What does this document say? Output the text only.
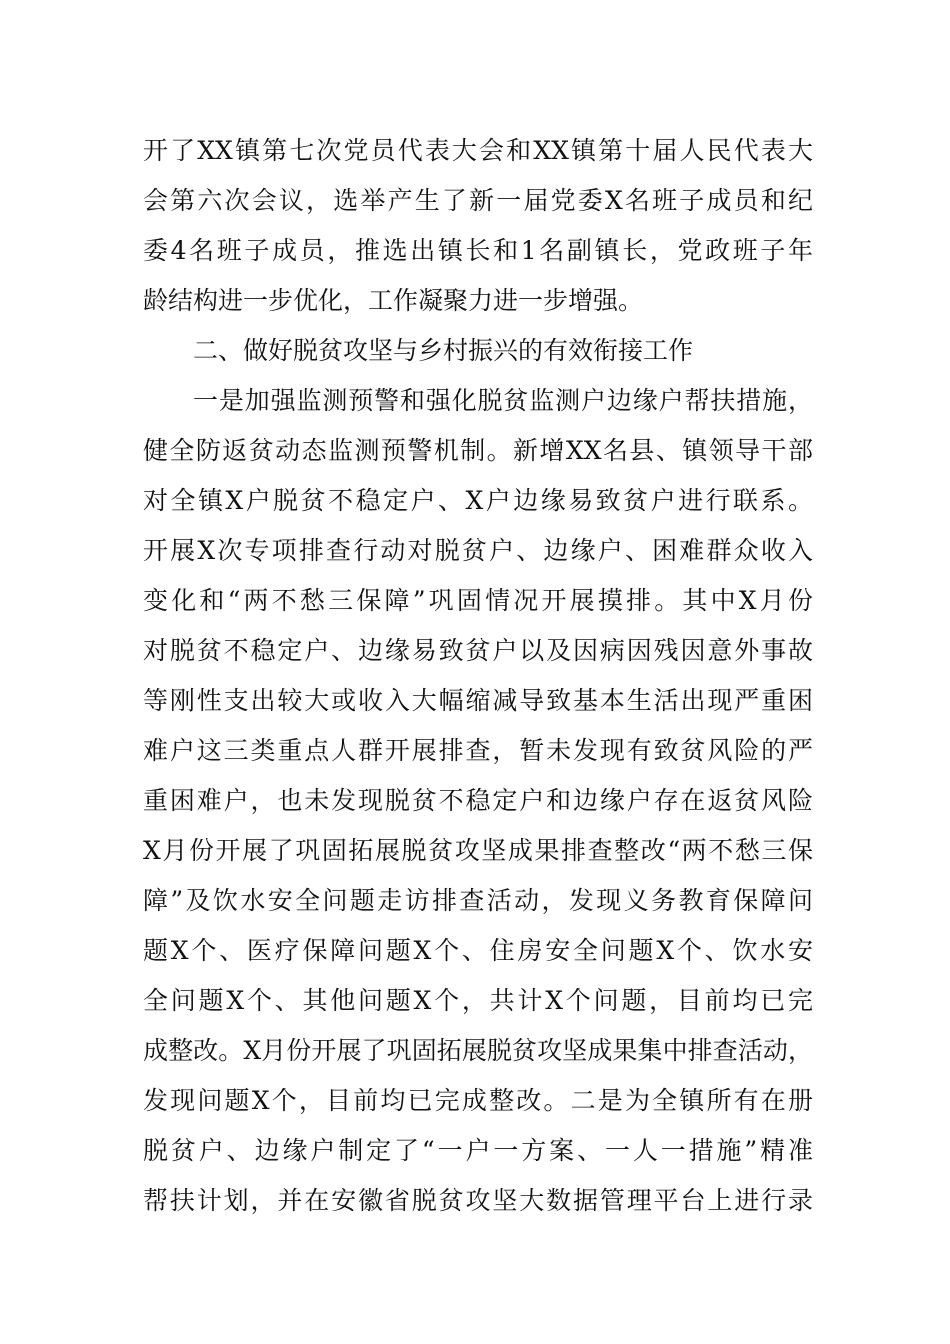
开了XX镇第七次党员代表大会和XX镇第十届人民代表大
会第六次会议，选举产生了新一届党委X名班子成员和纪
委4名班子成员，推选出镇长和1名副镇长，党政班子年
龄结构进一步优化，工作凝聚力进一步增强。
二、做好脱贫攻坚与乡村振兴的有效衔接工作
一是加强监测预警和强化脱贫监测户边缘户帮扶措施，
健全防返贫动态监测预警机制。新增XX名县、镇领导干部
对全镇X户脱贫不稳定户、X户边缘易致贫户进行联系。
开展X次专项排查行动对脱贫户、边缘户、困难群众收入
变化和“两不愁三保障”巩固情况开展摸排。其中X月份
对脱贫不稳定户、边缘易致贫户以及因病因残因意外事故
等刚性支出较大或收入大幅缩减导致基本生活出现严重困
难户这三类重点人群开展排查，暂未发现有致贫风险的严
重困难户，也未发现脱贫不稳定户和边缘户存在返贫风险
X月份开展了巩固拓展脱贫攻坚成果排查整改“两不愁三保
障”及饮水安全问题走访排查活动，发现义务教育保障问
题X个、医疗保障问题X个、住房安全问题X个、饮水安
全问题X个、其他问题X个，共计X个问题，目前均已完
成整改。X月份开展了巩固拓展脱贫攻坚成果集中排查活动，
发现问题X个，目前均已完成整改。二是为全镇所有在册
脱贫户、边缘户制定了“一户一方案、一人一措施”精准
帮扶计划，并在安徽省脱贫攻坚大数据管理平台上进行录
